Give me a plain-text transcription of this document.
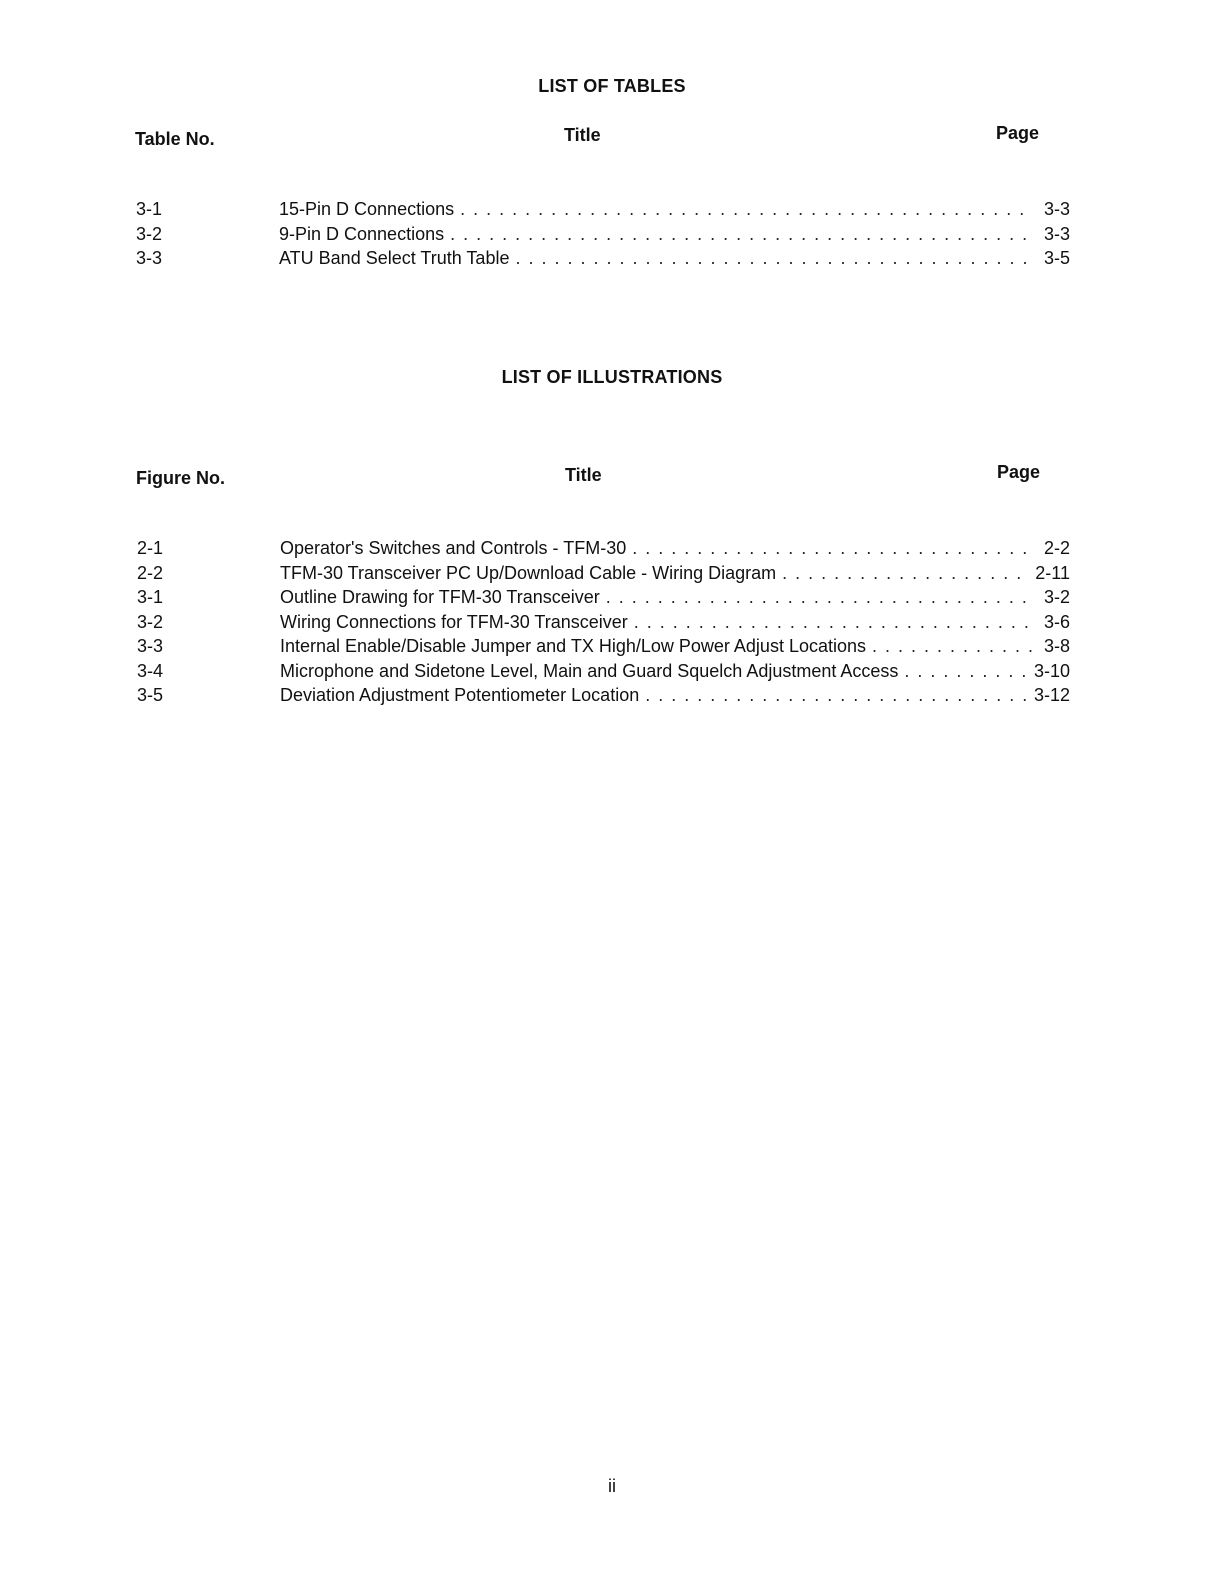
LIST OF TABLES
Table No.	Title	Page
3-1	15-Pin D Connections . . .	3-3
3-2	9-Pin D Connections . . .	3-3
3-3	ATU Band Select Truth Table . . .	3-5
LIST OF ILLUSTRATIONS
Figure No.	Title	Page
2-1	Operator's Switches and Controls - TFM-30 . . .	2-2
2-2	TFM-30 Transceiver PC Up/Download Cable - Wiring Diagram . . .	2-11
3-1	Outline Drawing for TFM-30 Transceiver . . .	3-2
3-2	Wiring Connections for TFM-30 Transceiver . . .	3-6
3-3	Internal Enable/Disable Jumper and TX High/Low Power Adjust Locations . . .	3-8
3-4	Microphone and Sidetone Level, Main and Guard Squelch Adjustment Access . . .	3-10
3-5	Deviation Adjustment Potentiometer Location . . .	3-12
ii
